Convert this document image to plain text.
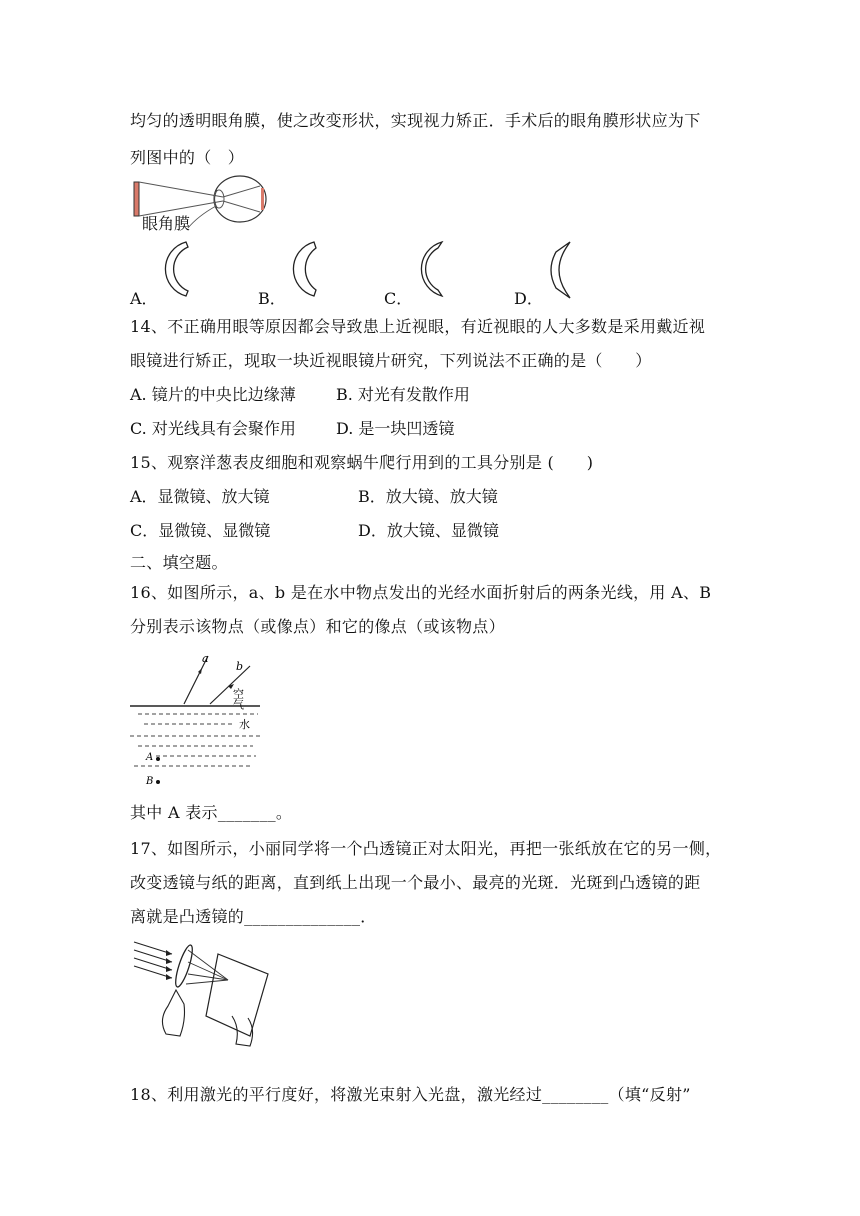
均匀的透明眼角膜，使之改变形状，实现视力矫正．手术后的眼角膜形状应为下
列图中的（　）
眼角膜
A．	B．	C．	D．
14、不正确用眼等原因都会导致患上近视眼，有近视眼的人大多数是采用戴近视
眼镜进行矫正，现取一块近视眼镜片研究，下列说法不正确的是（　　）
A. 镜片的中央比边缘薄	B. 对光有发散作用
C. 对光线具有会聚作用	D. 是一块凹透镜
15、观察洋葱表皮细胞和观察蜗牛爬行用到的工具分别是 (　　)
A．显微镜、放大镜	B．放大镜、放大镜
C．显微镜、显微镜	D．放大镜、显微镜
二、填空题。
16、如图所示，a、b 是在水中物点发出的光经水面折射后的两条光线，用 A、B
分别表示该物点（或像点）和它的像点（或该物点）
a
b
空气
水
A
B
其中 A 表示_______。
17、如图所示，小丽同学将一个凸透镜正对太阳光，再把一张纸放在它的另一侧，
改变透镜与纸的距离，直到纸上出现一个最小、最亮的光斑．光斑到凸透镜的距
离就是凸透镜的______________．
18、利用激光的平行度好，将激光束射入光盘，激光经过________（填“反射”
